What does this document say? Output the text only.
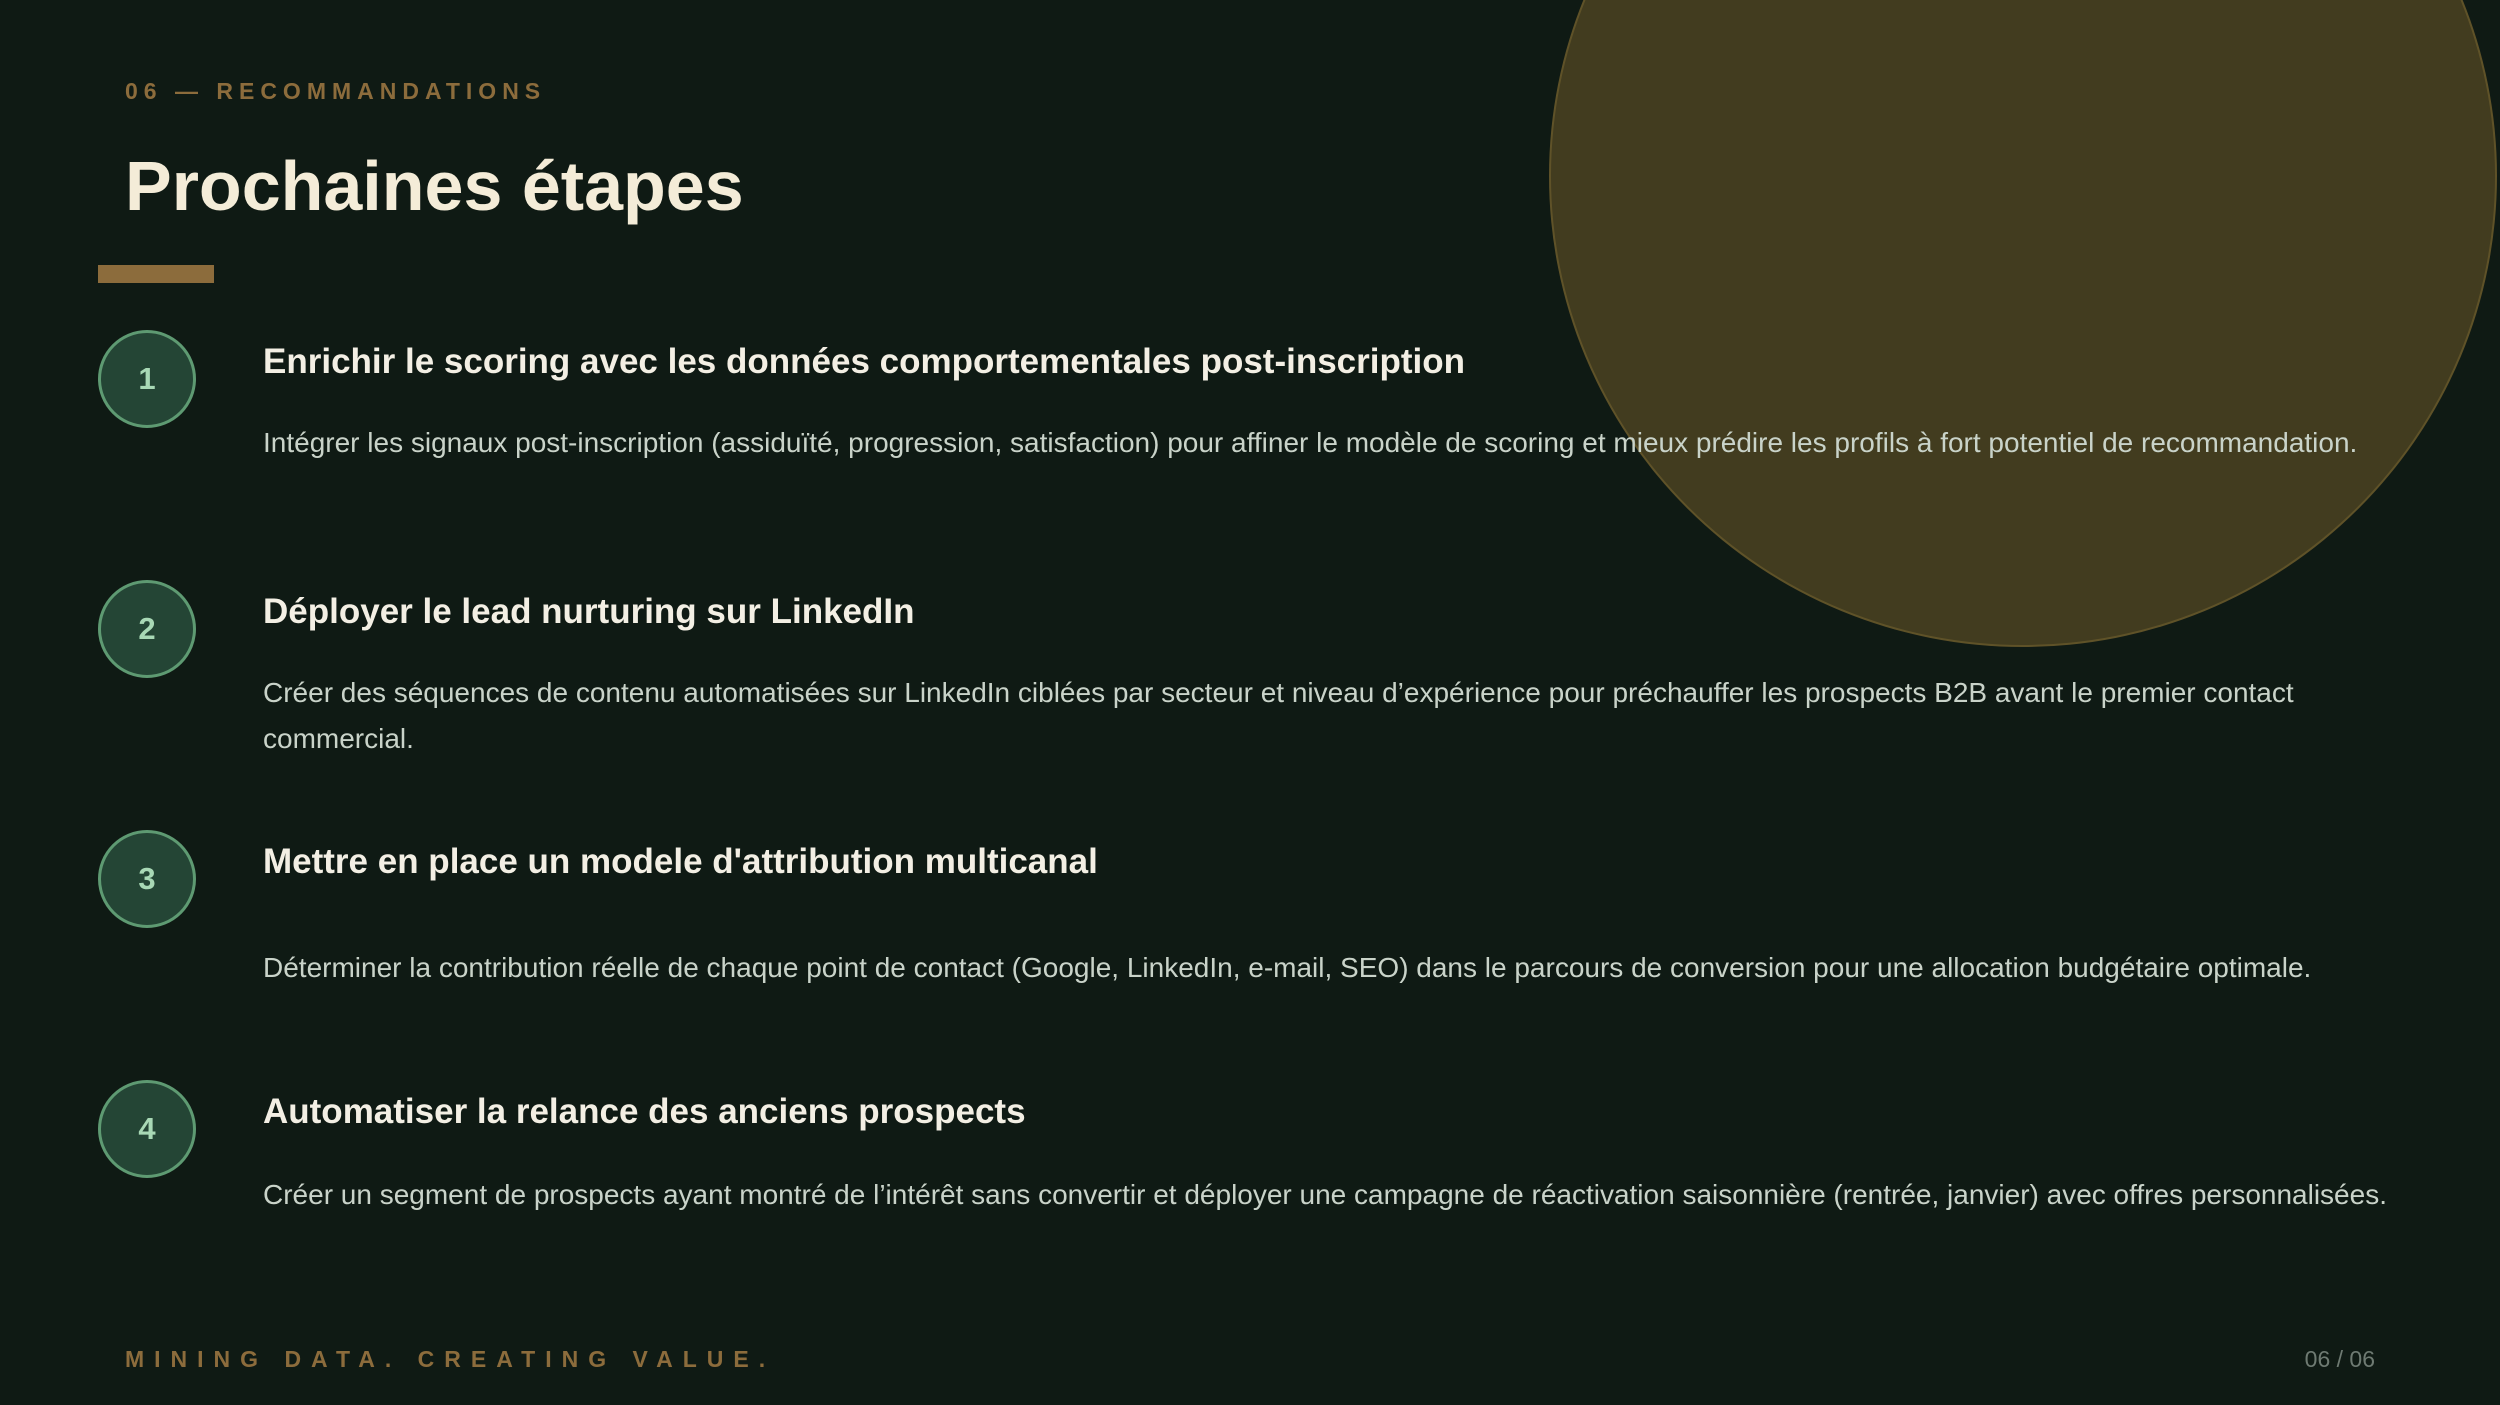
06 — RECOMMANDATIONS
Prochaines étapes
1	Enrichir le scoring avec les données comportementales post-inscription
Intégrer les signaux post-inscription (assiduïté, progression, satisfaction) pour affiner le modèle de scoring et mieux prédire les profils à fort potentiel de recommandation.
2	Déployer le lead nurturing sur LinkedIn
Créer des séquences de contenu automatisées sur LinkedIn ciblées par secteur et niveau d’expérience pour préchauffer les prospects B2B avant le premier contact commercial.
3	Mettre en place un modele d'attribution multicanal
Déterminer la contribution réelle de chaque point de contact (Google, LinkedIn, e-mail, SEO) dans le parcours de conversion pour une allocation budgétaire optimale.
4	Automatiser la relance des anciens prospects
Créer un segment de prospects ayant montré de l’intérêt sans convertir et déployer une campagne de réactivation saisonnière (rentrée, janvier) avec offres personnalisées.
MINING DATA. CREATING VALUE.	06 / 06
